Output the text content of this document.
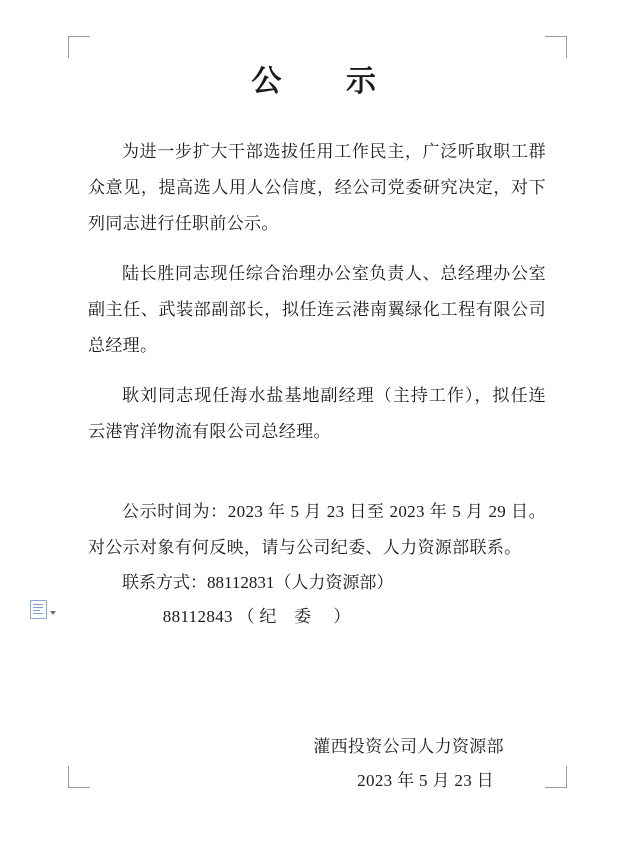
公 示

为进一步扩大干部选拔任用工作民主，广泛听取职工群众意见，提高选人用人公信度，经公司党委研究决定，对下列同志进行任职前公示。

陆长胜同志现任综合治理办公室负责人、总经理办公室副主任、武装部副部长，拟任连云港南翼绿化工程有限公司总经理。

耿刘同志现任海水盐基地副经理（主持工作），拟任连云港宵洋物流有限公司总经理。

公示时间为：2023 年 5 月 23 日至 2023 年 5 月 29 日。对公示对象有何反映，请与公司纪委、人力资源部联系。

联系方式：88112831（人力资源部）

88112843 （ 纪　委　 ）

灌西投资公司人力资源部
2023 年 5 月 23 日
